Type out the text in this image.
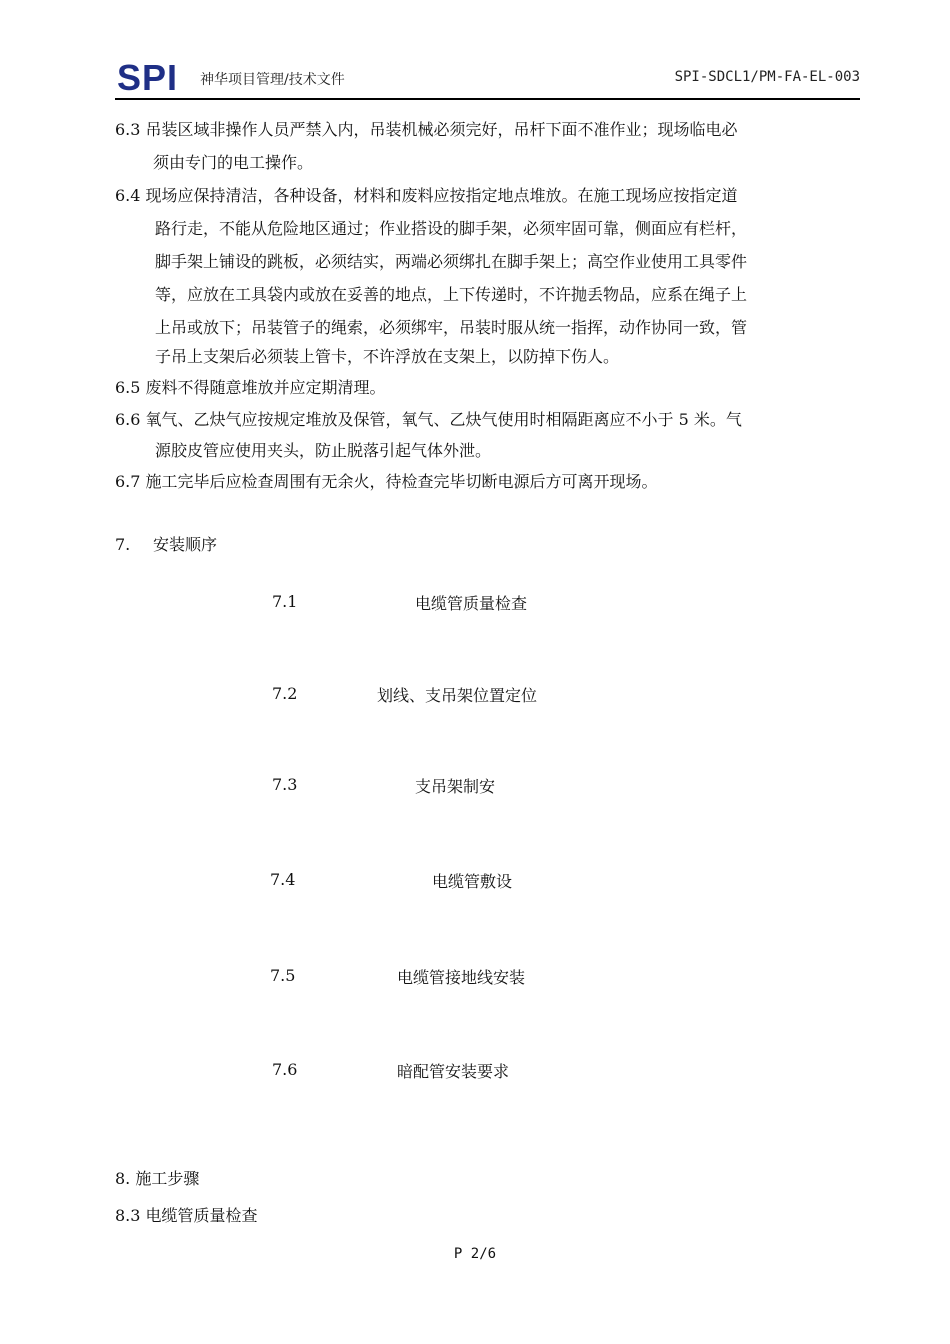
SPI 神华项目管理/技术文件	SPI-SDCL1/PM-FA-EL-003
6.3 吊装区域非操作人员严禁入内，吊装机械必须完好，吊杆下面不准作业；现场临电必
须由专门的电工操作。
6.4 现场应保持清洁，各种设备，材料和废料应按指定地点堆放。在施工现场应按指定道
路行走，不能从危险地区通过；作业搭设的脚手架，必须牢固可靠，侧面应有栏杆，
脚手架上铺设的跳板，必须结实，两端必须绑扎在脚手架上；高空作业使用工具零件
等，应放在工具袋内或放在妥善的地点，上下传递时，不许抛丢物品，应系在绳子上
上吊或放下；吊装管子的绳索，必须绑牢，吊装时服从统一指挥，动作协同一致，管
子吊上支架后必须装上管卡，不许浮放在支架上，以防掉下伤人。
6.5 废料不得随意堆放并应定期清理。
6.6 氧气、乙炔气应按规定堆放及保管，氧气、乙炔气使用时相隔距离应不小于 5 米。气
源胶皮管应使用夹头，防止脱落引起气体外泄。
6.7 施工完毕后应检查周围有无余火，待检查完毕切断电源后方可离开现场。
7. 安装顺序
7.1	电缆管质量检查
7.2	划线、支吊架位置定位
7.3	支吊架制安
7.4	电缆管敷设
7.5	电缆管接地线安装
7.6	暗配管安装要求
8. 施工步骤
8.3 电缆管质量检查
P 2/6
